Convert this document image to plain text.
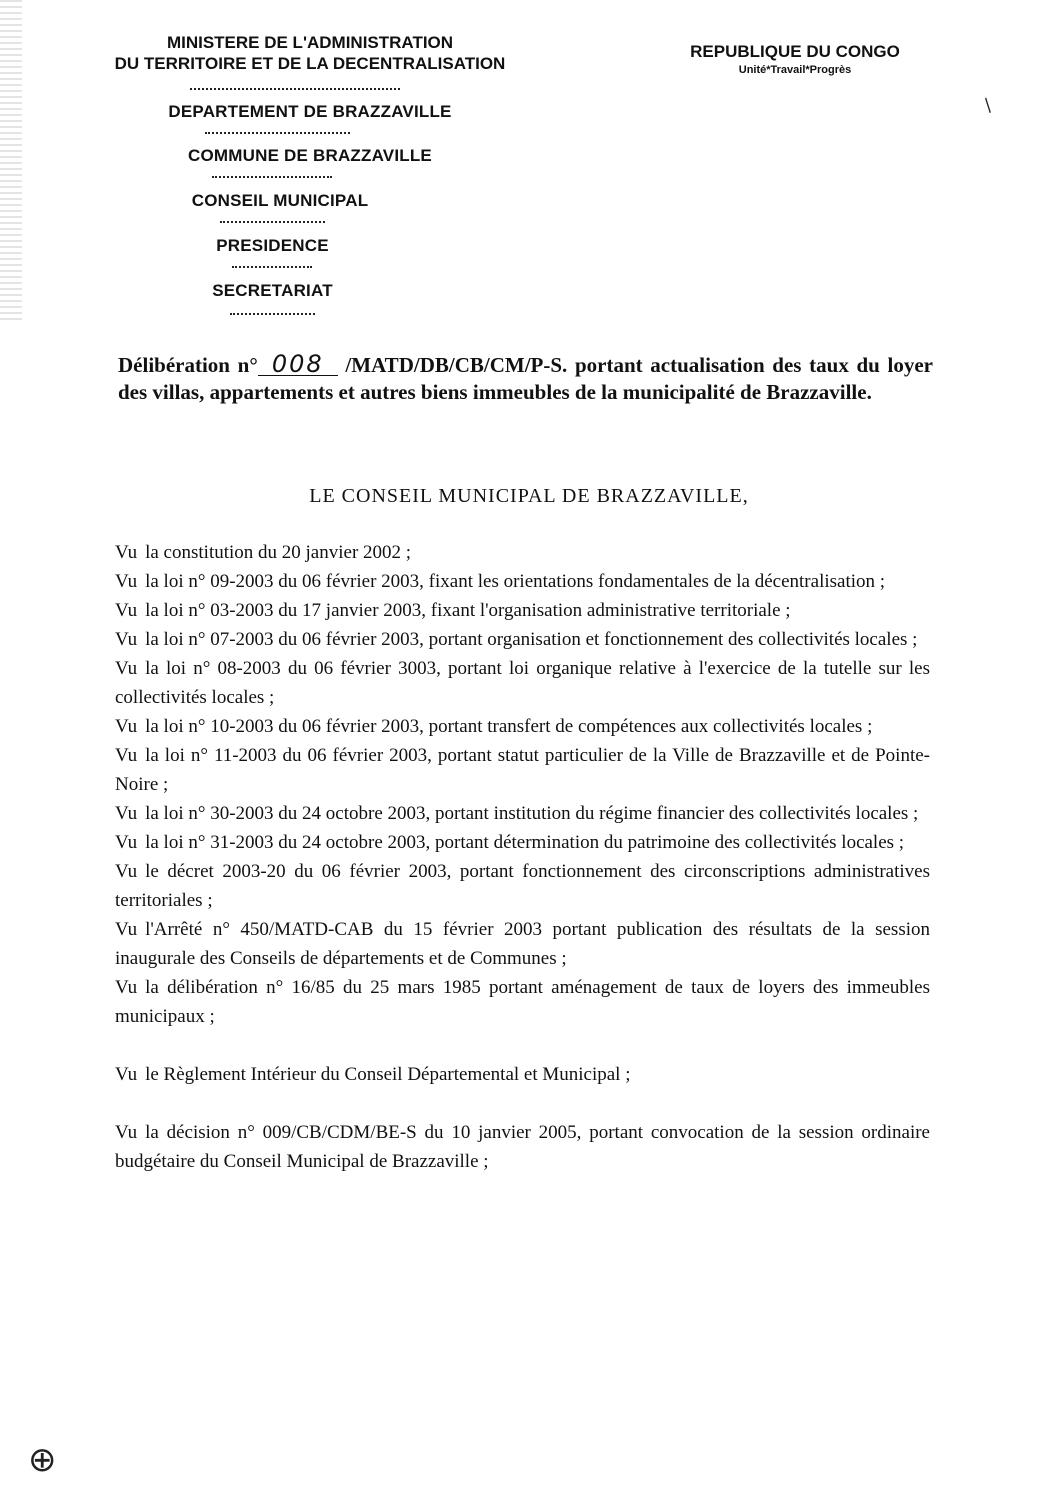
MINISTERE DE L'ADMINISTRATION
DU TERRITOIRE ET DE LA DECENTRALISATION
DEPARTEMENT DE BRAZZAVILLE
COMMUNE DE BRAZZAVILLE
CONSEIL MUNICIPAL
PRESIDENCE
SECRETARIAT
REPUBLIQUE DU CONGO
Unité*Travail*Progrès
Délibération n° 008 /MATD/DB/CB/CM/P-S. portant actualisation des taux du loyer des villas, appartements et autres biens immeubles de la municipalité de Brazzaville.
LE CONSEIL MUNICIPAL DE BRAZZAVILLE,
Vu la constitution du 20 janvier 2002 ;
Vu la loi n° 09-2003 du 06 février 2003, fixant les orientations fondamentales de la décentralisation ;
Vu la loi n° 03-2003 du 17 janvier 2003, fixant l'organisation administrative territoriale ;
Vu la loi n° 07-2003 du 06 février 2003, portant organisation et fonctionnement des collectivités locales ;
Vu la loi n° 08-2003 du 06 février 3003, portant loi organique relative à l'exercice de la tutelle sur les collectivités locales ;
Vu la loi n° 10-2003 du 06 février 2003, portant transfert de compétences aux collectivités locales ;
Vu la loi n° 11-2003 du 06 février 2003, portant statut particulier de la Ville de Brazzaville et de Pointe-Noire ;
Vu la loi n° 30-2003 du 24 octobre 2003, portant institution du régime financier des collectivités locales ;
Vu la loi n° 31-2003 du 24 octobre 2003, portant détermination du patrimoine des collectivités locales ;
Vu le décret 2003-20 du 06 février 2003, portant fonctionnement des circonscriptions administratives territoriales ;
Vu l'Arrêté n° 450/MATD-CAB du 15 février 2003 portant publication des résultats de la session inaugurale des Conseils de départements et de Communes ;
Vu la délibération n° 16/85 du 25 mars 1985 portant aménagement de taux de loyers des immeubles municipaux ;
Vu le Règlement Intérieur du Conseil Départemental et Municipal ;
Vu la décision n° 009/CB/CDM/BE-S du 10 janvier 2005, portant convocation de la session ordinaire budgétaire du Conseil Municipal de Brazzaville ;
/
⊕
